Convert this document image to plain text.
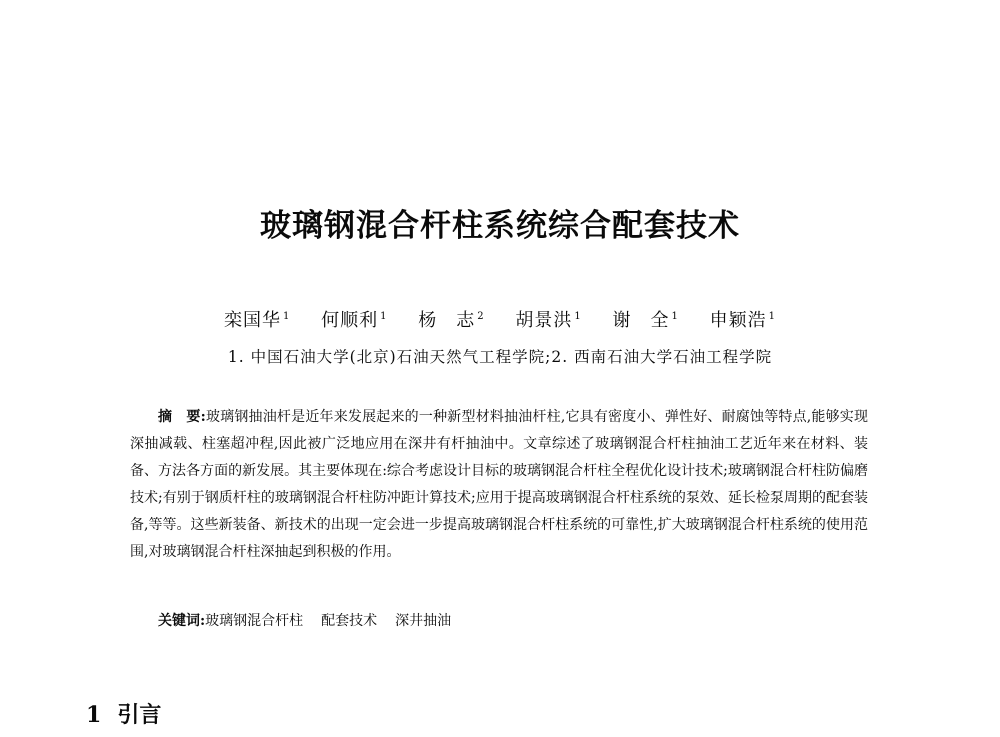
玻璃钢混合杆柱系统综合配套技术
栾国华 $^1$ 何顺利 $^1$ 杨　志 $^2$ 胡景洪 $^1$ 谢　全 $^1$ 申颖浩 $^1$
1. 中国石油大学(北京)石油天然气工程学院;2. 西南石油大学石油工程学院
摘　要:玻璃钢抽油杆是近年来发展起来的一种新型材料抽油杆柱,它具有密度小、弹性好、耐腐蚀等特点,能够实现深抽减载、柱塞超冲程,因此被广泛地应用在深井有杆抽油中。文章综述了玻璃钢混合杆柱抽油工艺近年来在材料、装备、方法各方面的新发展。其主要体现在:综合考虑设计目标的玻璃钢混合杆柱全程优化设计技术;玻璃钢混合杆柱防偏磨技术;有别于钢质杆柱的玻璃钢混合杆柱防冲距计算技术;应用于提高玻璃钢混合杆柱系统的泵效、延长检泵周期的配套装备,等等。这些新装备、新技术的出现一定会进一步提高玻璃钢混合杆柱系统的可靠性,扩大玻璃钢混合杆柱系统的使用范围,对玻璃钢混合杆柱深抽起到积极的作用。
关键词:玻璃钢混合杆柱 配套技术 深井抽油
1 引言
